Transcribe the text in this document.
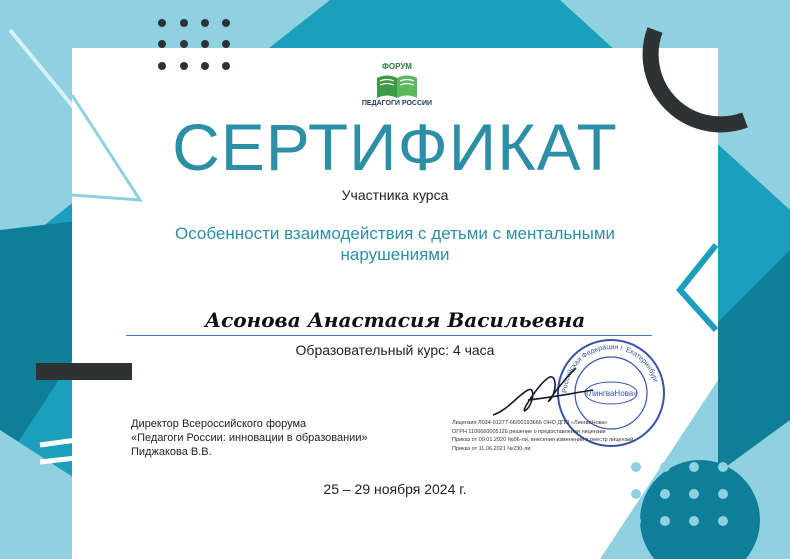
ФОРУМ
ПЕДАГОГИ РОССИИ
СЕРТИФИКАТ
Участника курса
Особенности взаимодействия с детьми с ментальными
нарушениями
Асонова Анастасия Васильевна
Образовательный курс: 4 часа
Российская Федерация г. Екатеринбург
«ЛингваНова»
Директор Всероссийского форума
«Педагоги России: инновации в образовании»
Пиджакова В.В.
Лицензия Л034-01277-66/00193666 ОНО ДПО «ЛингваНова»
ОГРН 1106660005126 решение о предоставлении лицензии
Приказ от 09.01.2020 №06-ли, внесения изменений в реестр лицензий
Приказ от 11.06.2021 №230-ли
25 – 29 ноября 2024 г.
